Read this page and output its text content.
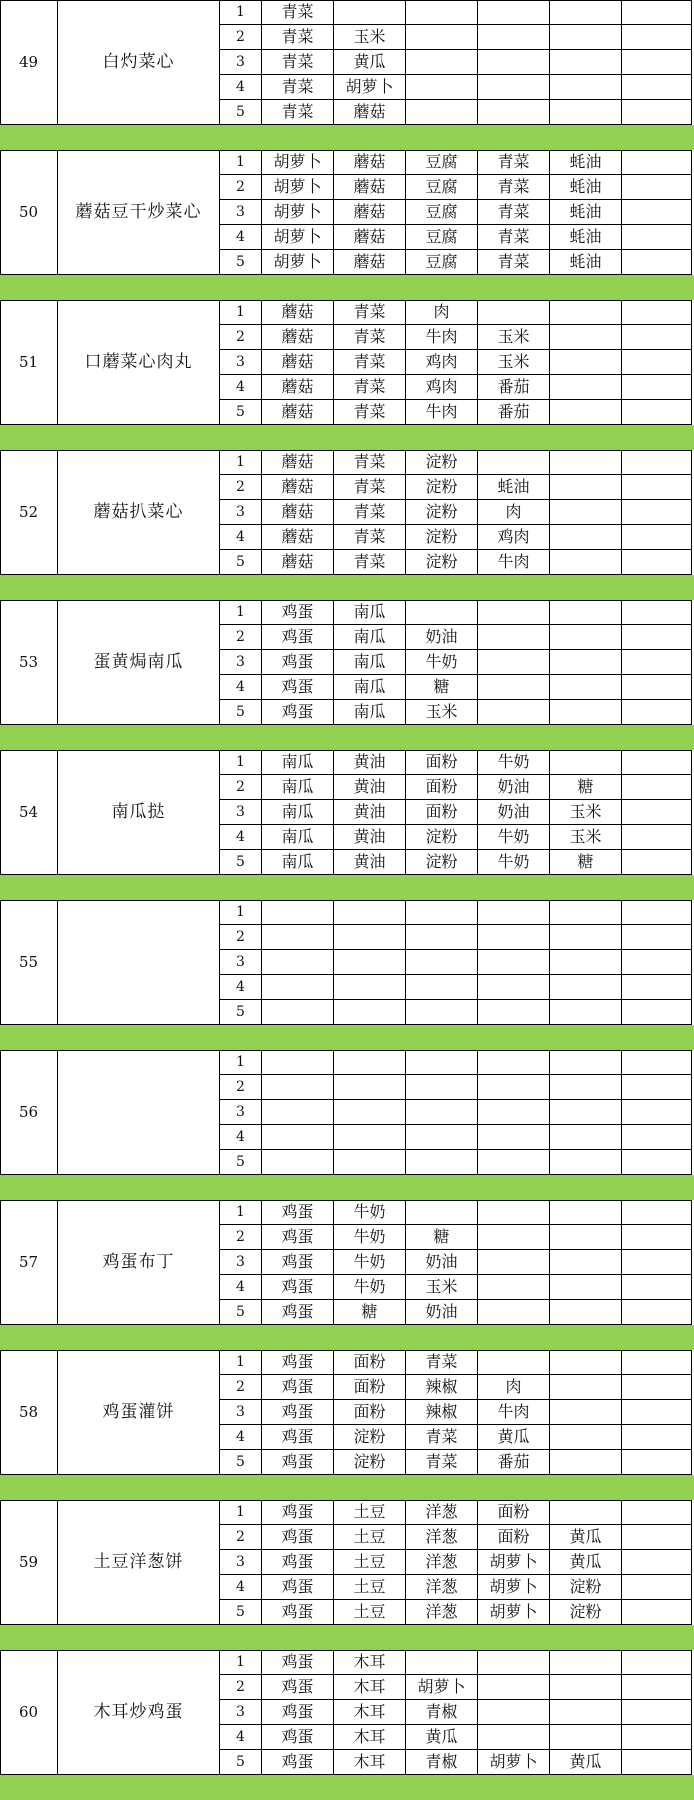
49	白灼菜心
1	青菜
2	青菜	玉米
3	青菜	黄瓜
4	青菜	胡萝卜
5	青菜	蘑菇
50	蘑菇豆干炒菜心
1	胡萝卜	蘑菇	豆腐	青菜	蚝油
2	胡萝卜	蘑菇	豆腐	青菜	蚝油
3	胡萝卜	蘑菇	豆腐	青菜	蚝油
4	胡萝卜	蘑菇	豆腐	青菜	蚝油
5	胡萝卜	蘑菇	豆腐	青菜	蚝油
51	口蘑菜心肉丸
1	蘑菇	青菜	肉
2	蘑菇	青菜	牛肉	玉米
3	蘑菇	青菜	鸡肉	玉米
4	蘑菇	青菜	鸡肉	番茄
5	蘑菇	青菜	牛肉	番茄
52	蘑菇扒菜心
1	蘑菇	青菜	淀粉
2	蘑菇	青菜	淀粉	蚝油
3	蘑菇	青菜	淀粉	肉
4	蘑菇	青菜	淀粉	鸡肉
5	蘑菇	青菜	淀粉	牛肉
53	蛋黄焗南瓜
1	鸡蛋	南瓜
2	鸡蛋	南瓜	奶油
3	鸡蛋	南瓜	牛奶
4	鸡蛋	南瓜	糖
5	鸡蛋	南瓜	玉米
54	南瓜挞
1	南瓜	黄油	面粉	牛奶
2	南瓜	黄油	面粉	奶油	糖
3	南瓜	黄油	面粉	奶油	玉米
4	南瓜	黄油	淀粉	牛奶	玉米
5	南瓜	黄油	淀粉	牛奶	糖
55
1
2
3
4
5
56
1
2
3
4
5
57	鸡蛋布丁
1	鸡蛋	牛奶
2	鸡蛋	牛奶	糖
3	鸡蛋	牛奶	奶油
4	鸡蛋	牛奶	玉米
5	鸡蛋	糖	奶油
58	鸡蛋灌饼
1	鸡蛋	面粉	青菜
2	鸡蛋	面粉	辣椒	肉
3	鸡蛋	面粉	辣椒	牛肉
4	鸡蛋	淀粉	青菜	黄瓜
5	鸡蛋	淀粉	青菜	番茄
59	土豆洋葱饼
1	鸡蛋	土豆	洋葱	面粉
2	鸡蛋	土豆	洋葱	面粉	黄瓜
3	鸡蛋	土豆	洋葱	胡萝卜	黄瓜
4	鸡蛋	土豆	洋葱	胡萝卜	淀粉
5	鸡蛋	土豆	洋葱	胡萝卜	淀粉
60	木耳炒鸡蛋
1	鸡蛋	木耳
2	鸡蛋	木耳	胡萝卜
3	鸡蛋	木耳	青椒
4	鸡蛋	木耳	黄瓜
5	鸡蛋	木耳	青椒	胡萝卜	黄瓜
